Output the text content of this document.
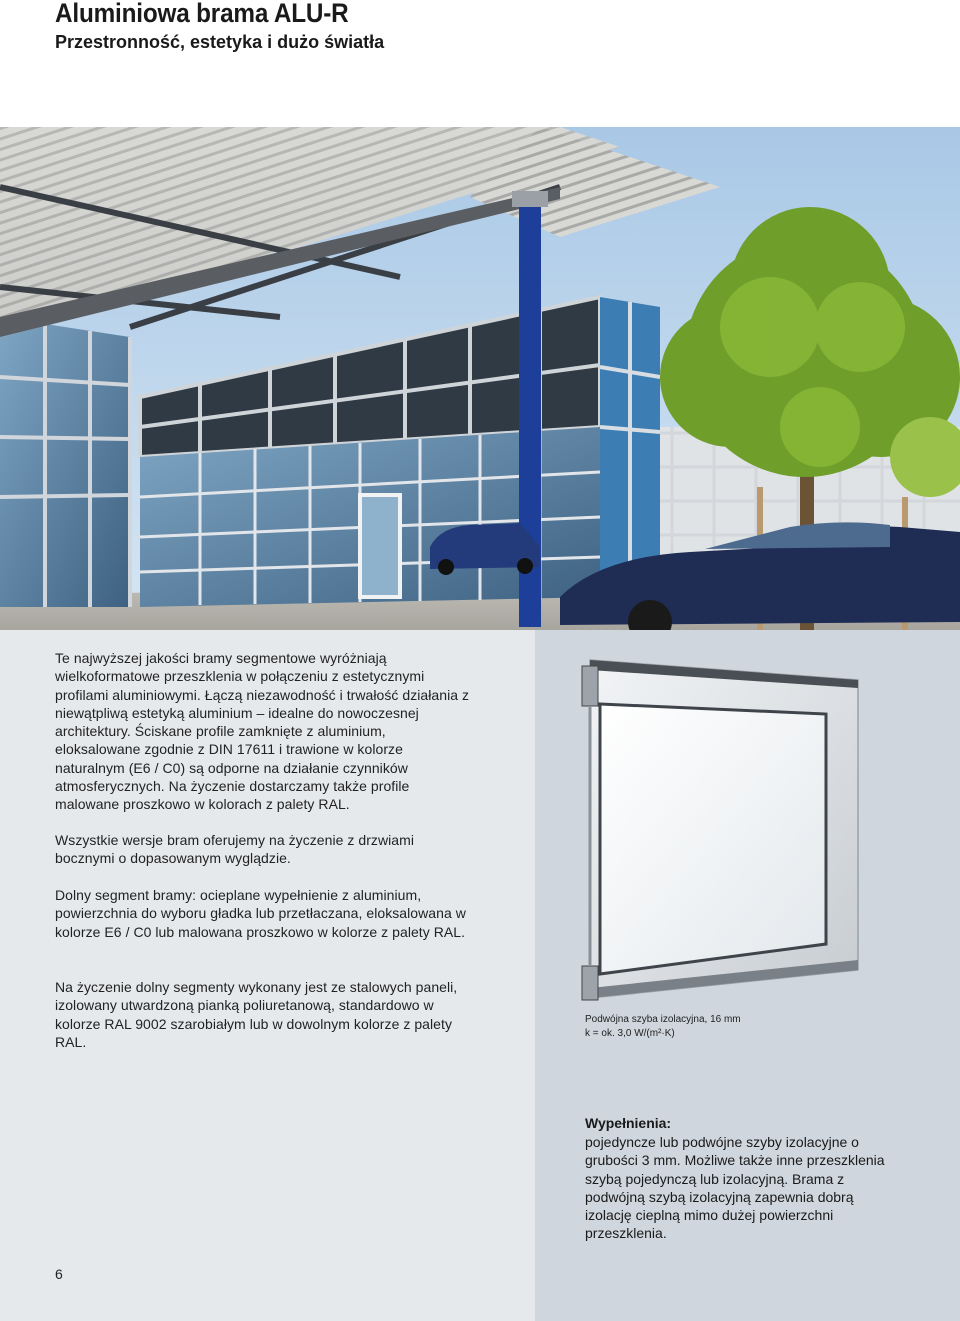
Aluminiowa brama ALU-R
Przestronność, estetyka i dużo światła

Te najwyższej jakości bramy segmentowe wyróżniają wielkoformatowe przeszklenia w połączeniu z estetycznymi profilami aluminiowymi. Łączą niezawodność i trwałość działania z niewątpliwą estetyką aluminium – idealne do nowoczesnej architektury. Ściskane profile zamknięte z aluminium, eloksalowane zgodnie z DIN 17611 i trawione w kolorze naturalnym (E6 / C0) są odporne na działanie czynników atmosferycznych. Na życzenie dostarczamy także profile malowane proszkowo w kolorach z palety RAL.

Wszystkie wersje bram oferujemy na życzenie z drzwiami bocznymi o dopasowanym wyglądzie.

Dolny segment bramy: ocieplane wypełnienie z aluminium, powierzchnia do wyboru gładka lub przetłaczana, eloksalowana w kolorze E6 / C0 lub malowana proszkowo w kolorze z palety RAL.

Na życzenie dolny segmenty wykonany jest ze stalowych paneli, izolowany utwardzoną pianką poliuretanową, standardowo w kolorze RAL 9002 szarobiałym lub w dowolnym kolorze z palety RAL.

Podwójna szyba izolacyjna, 16 mm
k = ok. 3,0 W/(m²·K)

Wypełnienia:

pojedyncze lub podwójne szyby izolacyjne o grubości 3 mm. Możliwe także inne przeszklenia szybą pojedynczą lub izolacyjną. Brama z podwójną szybą izolacyjną zapewnia dobrą izolację cieplną mimo dużej powierzchni przeszklenia.

6
